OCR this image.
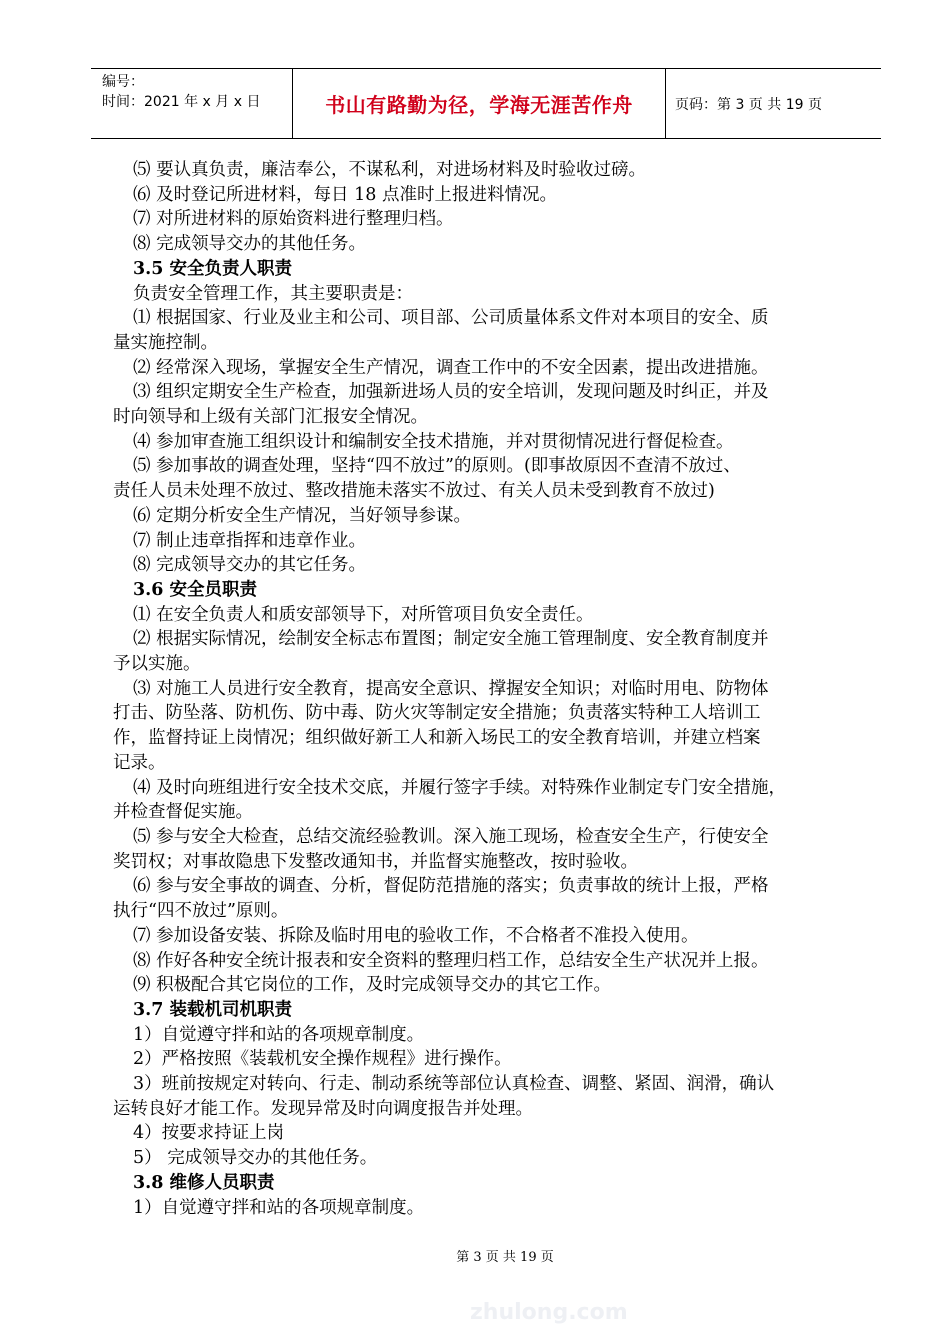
编号：
时间：2021 年 x 月 x 日	书山有路勤为径，学海无涯苦作舟	页码：第 3 页 共 19 页

⑸ 要认真负责，廉洁奉公，不谋私利，对进场材料及时验收过磅。

⑹ 及时登记所进材料，每日 18 点准时上报进料情况。

⑺ 对所进材料的原始资料进行整理归档。

⑻ 完成领导交办的其他任务。

3.5 安全负责人职责

负责安全管理工作，其主要职责是：

⑴ 根据国家、行业及业主和公司、项目部、公司质量体系文件对本项目的安全、质

量实施控制。

⑵ 经常深入现场，掌握安全生产情况，调查工作中的不安全因素，提出改进措施。

⑶ 组织定期安全生产检查，加强新进场人员的安全培训，发现问题及时纠正，并及

时向领导和上级有关部门汇报安全情况。

⑷ 参加审查施工组织设计和编制安全技术措施，并对贯彻情况进行督促检查。

⑸ 参加事故的调查处理，坚持“四不放过”的原则。(即事故原因不查清不放过、

责任人员未处理不放过、整改措施未落实不放过、有关人员未受到教育不放过)

⑹ 定期分析安全生产情况，当好领导参谋。

⑺ 制止违章指挥和违章作业。

⑻ 完成领导交办的其它任务。

3.6 安全员职责

⑴ 在安全负责人和质安部领导下，对所管项目负安全责任。

⑵ 根据实际情况，绘制安全标志布置图；制定安全施工管理制度、安全教育制度并

予以实施。

⑶ 对施工人员进行安全教育，提高安全意识、撑握安全知识；对临时用电、防物体

打击、防坠落、防机伤、防中毒、防火灾等制定安全措施；负责落实特种工人培训工

作，监督持证上岗情况；组织做好新工人和新入场民工的安全教育培训，并建立档案

记录。

⑷ 及时向班组进行安全技术交底，并履行签字手续。对特殊作业制定专门安全措施，

并检查督促实施。

⑸ 参与安全大检查，总结交流经验教训。深入施工现场，检查安全生产，行使安全

奖罚权；对事故隐患下发整改通知书，并监督实施整改，按时验收。

⑹ 参与安全事故的调查、分析，督促防范措施的落实；负责事故的统计上报，严格

执行“四不放过”原则。

⑺ 参加设备安装、拆除及临时用电的验收工作，不合格者不准投入使用。

⑻ 作好各种安全统计报表和安全资料的整理归档工作，总结安全生产状况并上报。

⑼ 积极配合其它岗位的工作，及时完成领导交办的其它工作。

3.7 装载机司机职责

1）自觉遵守拌和站的各项规章制度。

2）严格按照《装载机安全操作规程》进行操作。

3）班前按规定对转向、行走、制动系统等部位认真检查、调整、紧固、润滑，确认

运转良好才能工作。发现异常及时向调度报告并处理。

4）按要求持证上岗

5） 完成领导交办的其他任务。

3.8 维修人员职责

1）自觉遵守拌和站的各项规章制度。

第 3 页 共 19 页
zhulong.com
